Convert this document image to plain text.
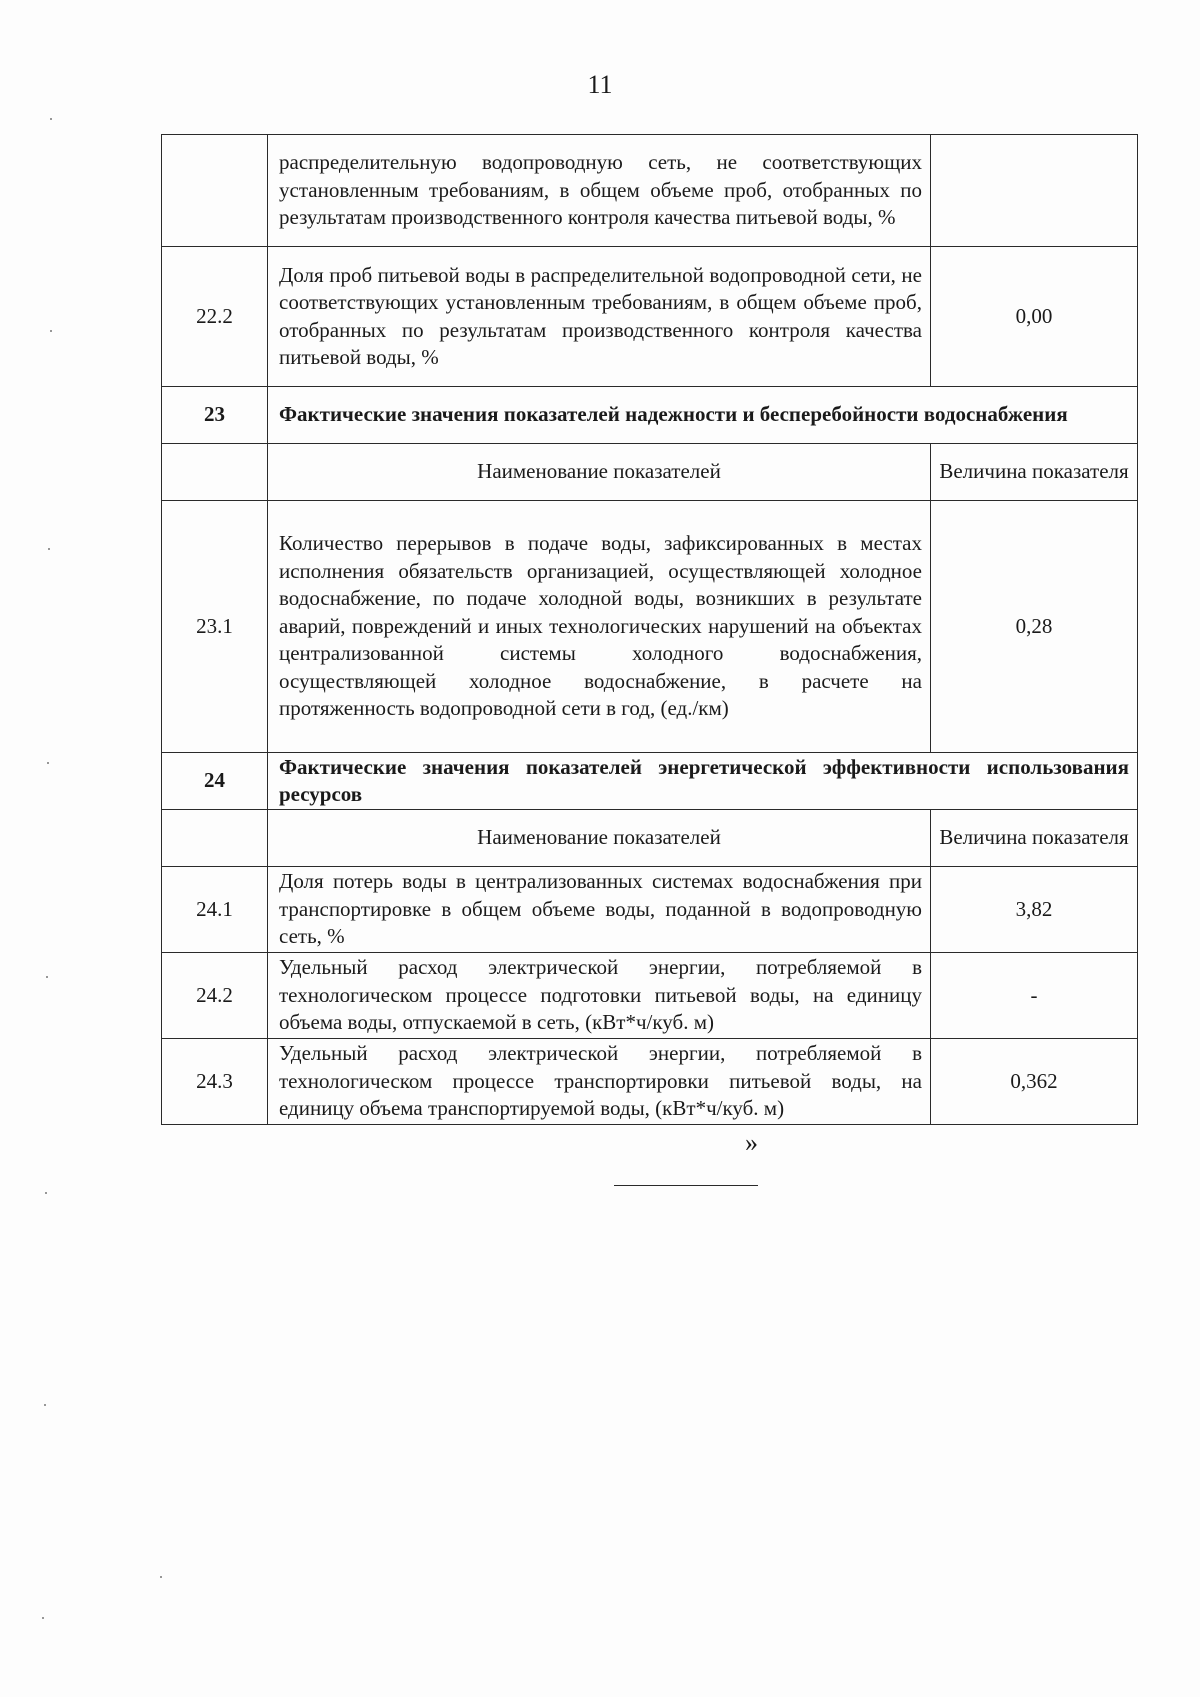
11
	распределительную водопроводную сеть, не соответствующих установленным требованиям, в общем объеме проб, отобранных по результатам производственного контроля качества питьевой воды, %	
22.2	Доля проб питьевой воды в распределительной водопроводной сети, не соответствующих установленным требованиям, в общем объеме проб, отобранных по результатам производственного контроля качества питьевой воды, %	0,00
23	Фактические значения показателей надежности и бесперебойности водоснабжения	
	Наименование показателей	Величина показателя
23.1	Количество перерывов в подаче воды, зафиксированных в местах исполнения обязательств организацией, осуществляющей холодное водоснабжение, по подаче холодной воды, возникших в результате аварий, повреждений и иных технологических нарушений на объектах централизованной системы холодного водоснабжения, осуществляющей холодное водоснабжение, в расчете на протяженность водопроводной сети в год, (ед./км)	0,28
24	Фактические значения показателей энергетической эффективности использования ресурсов	
	Наименование показателей	Величина показателя
24.1	Доля потерь воды в централизованных системах водоснабжения при транспортировке в общем объеме воды, поданной в водопроводную сеть, %	3,82
24.2	Удельный расход электрической энергии, потребляемой в технологическом процессе подготовки питьевой воды, на единицу объема воды, отпускаемой в сеть, (кВт*ч/куб. м)	-
24.3	Удельный расход электрической энергии, потребляемой в технологическом процессе транспортировки питьевой воды, на единицу объема транспортируемой воды, (кВт*ч/куб. м)	0,362
»
